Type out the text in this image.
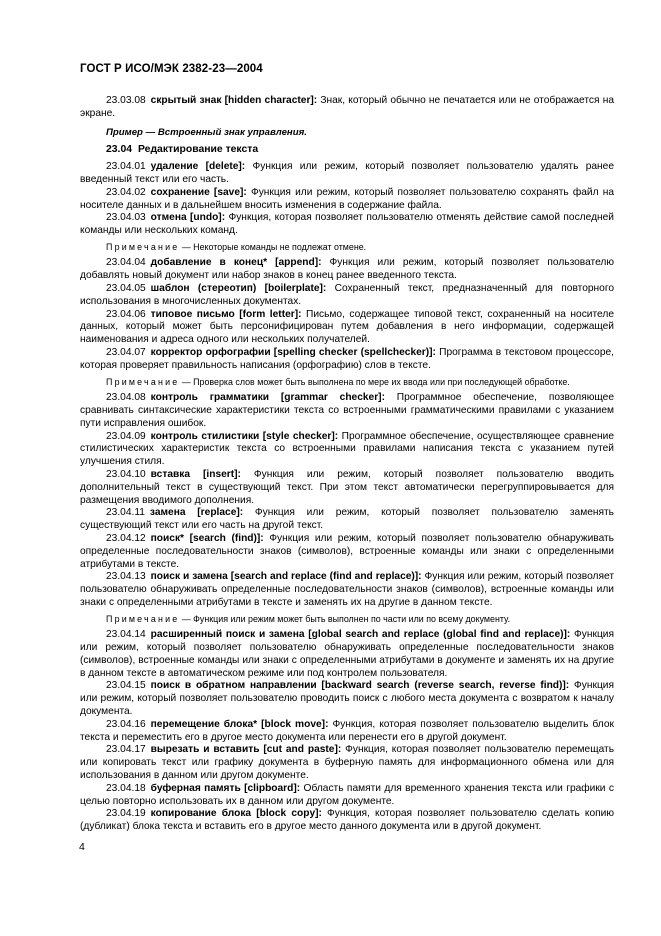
ГОСТ Р ИСО/МЭК 2382-23—2004

23.03.08 скрытый знак [hidden character]: Знак, который обычно не печатается или не отображается на экране.

Пример — Встроенный знак управления.

23.04 Редактирование текста

23.04.01 удаление [delete]: Функция или режим, который позволяет пользователю удалять ранее введенный текст или его часть.

23.04.02 сохранение [save]: Функция или режим, который позволяет пользователю сохранять файл на носителе данных и в дальнейшем вносить изменения в содержание файла.

23.04.03 отмена [undo]: Функция, которая позволяет пользователю отменять действие самой последней команды или нескольких команд.

Примечание — Некоторые команды не подлежат отмене.

23.04.04 добавление в конец* [append]: Функция или режим, который позволяет пользователю добавлять новый документ или набор знаков в конец ранее введенного текста.

23.04.05 шаблон (стереотип) [boilerplate]: Сохраненный текст, предназначенный для повторного использования в многочисленных документах.

23.04.06 типовое письмо [form letter]: Письмо, содержащее типовой текст, сохраненный на носителе данных, который может быть персонифицирован путем добавления в него информации, содержащей наименования и адреса одного или нескольких получателей.

23.04.07 корректор орфографии [spelling checker (spellchecker)]: Программа в текстовом процессоре, которая проверяет правильность написания (орфографию) слов в тексте.

Примечание — Проверка слов может быть выполнена по мере их ввода или при последующей обработке.

23.04.08 контроль грамматики [grammar checker]: Программное обеспечение, позволяющее сравнивать синтаксические характеристики текста со встроенными грамматическими правилами с указанием пути исправления ошибок.

23.04.09 контроль стилистики [style checker]: Программное обеспечение, осуществляющее сравнение стилистических характеристик текста со встроенными правилами написания текста с указанием путей улучшения стиля.

23.04.10 вставка [insert]: Функция или режим, который позволяет пользователю вводить дополнительный текст в существующий текст. При этом текст автоматически перегруппировывается для размещения вводимого дополнения.

23.04.11 замена [replace]: Функция или режим, который позволяет пользователю заменять существующий текст или его часть на другой текст.

23.04.12 поиск* [search (find)]: Функция или режим, который позволяет пользователю обнаруживать определенные последовательности знаков (символов), встроенные команды или знаки с определенными атрибутами в тексте.

23.04.13 поиск и замена [search and replace (find and replace)]: Функция или режим, который позволяет пользователю обнаруживать определенные последовательности знаков (символов), встроенные команды или знаки с определенными атрибутами в тексте и заменять их на другие в данном тексте.

Примечание — Функция или режим может быть выполнен по части или по всему документу.

23.04.14 расширенный поиск и замена [global search and replace (global find and replace)]: Функция или режим, который позволяет пользователю обнаруживать определенные последовательности знаков (символов), встроенные команды или знаки с определенными атрибутами в документе и заменять их на другие в данном тексте в автоматическом режиме или под контролем пользователя.

23.04.15 поиск в обратном направлении [backward search (reverse search, reverse find)]: Функция или режим, который позволяет пользователю проводить поиск с любого места документа с возвратом к началу документа.

23.04.16 перемещение блока* [block move]: Функция, которая позволяет пользователю выделить блок текста и переместить его в другое место документа или перенести его в другой документ.

23.04.17 вырезать и вставить [cut and paste]: Функция, которая позволяет пользователю перемещать или копировать текст или графику документа в буферную память для информационного обмена или для использования в данном или другом документе.

23.04.18 буферная память [clipboard]: Область памяти для временного хранения текста или графики с целью повторно использовать их в данном или другом документе.

23.04.19 копирование блока [block copy]: Функция, которая позволяет пользователю сделать копию (дубликат) блока текста и вставить его в другое место данного документа или в другой документ.

4
